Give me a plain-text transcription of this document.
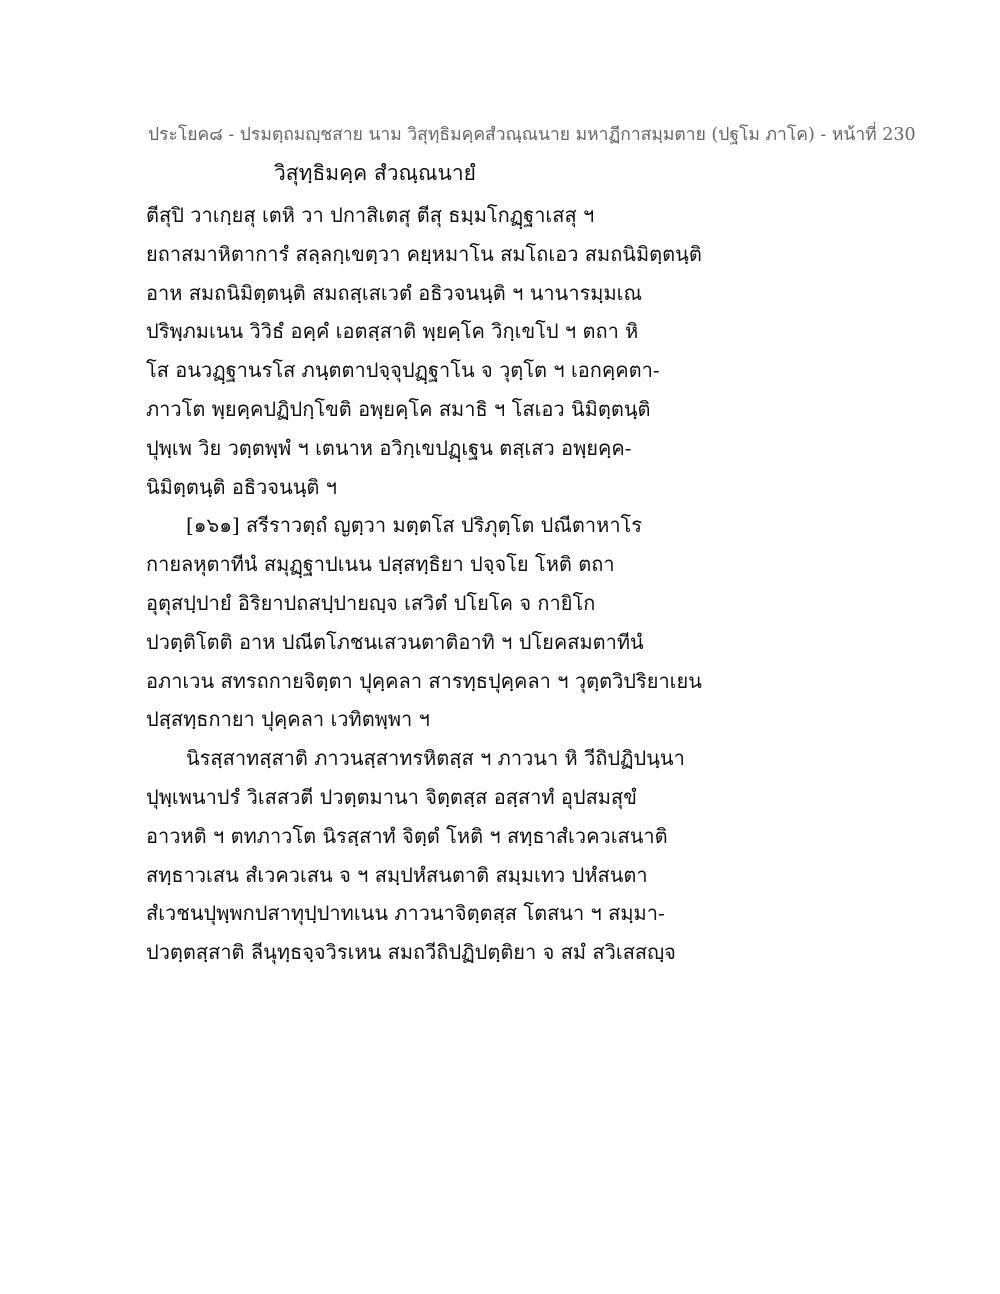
ประโยค๘ - ปรมตฺถมญฺชสาย นาม วิสุทฺธิมคฺคสํวณฺณนาย มหาฏีกาสมฺมตาย (ปฐโม ภาโค) - หน้าที่ 230
วิสุทฺธิมคฺค สํวณฺณนายํ
ตีสุปิ วาเกฺยสุ เตหิ วา ปกาสิเตสุ ตีสุ ธมฺมโกฏฺฐาเสสุ ฯ
ยถาสมาหิตาการํ สลฺลกฺเขตฺวา คยฺหมาโน สมโถเอว สมถนิมิตฺตนฺติ
อาห สมถนิมิตฺตนฺติ สมถสฺเสเวตํ อธิวจนนฺติ ฯ นานารมฺมเณ
ปริพฺภมเนน วิวิธํ อคฺคํ เอตสฺสาติ พฺยคฺโค วิกฺเขโป ฯ ตถา หิ
โส อนวฏฺฐานรโส ภนฺตตาปจฺจุปฏฺฐาโน จ วุตฺโต ฯ เอกคฺคตา-
ภาวโต พฺยคฺคปฏิปกฺโขติ อพฺยคฺโค สมาธิ ฯ โสเอว นิมิตฺตนฺติ
ปุพฺเพ วิย วตฺตพฺพํ ฯ เตนาห อวิกฺเขปฏฺเฐน ตสฺเสว อพฺยคฺค-
นิมิตฺตนฺติ อธิวจนนฺติ ฯ
[๑๖๑] สรีราวตฺถํ ญตฺวา มตฺตโส ปริภุตฺโต ปณีตาหาโร
กายลหุตาทีนํ สมุฏฺฐาปเนน ปสฺสทฺธิยา ปจฺจโย โหติ ตถา
อุตุสปฺปายํ อิริยาปถสปฺปายญฺจ เสวิตํ ปโยโค จ กายิโก
ปวตฺติโตติ อาห ปณีตโภชนเสวนตาติอาทิ ฯ ปโยคสมตาทีนํ
อภาเวน สทรถกายจิตฺตา ปุคฺคลา สารทฺธปุคฺคลา ฯ วุตฺตวิปริยาเยน
ปสฺสทฺธกายา ปุคฺคลา เวทิตพฺพา ฯ
นิรสฺสาทสฺสาติ ภาวนสฺสาทรหิตสฺส ฯ ภาวนา หิ วีถิปฏิปนฺนา
ปุพฺเพนาปรํ วิเสสวตี ปวตฺตมานา จิตฺตสฺส อสฺสาทํ อุปสมสุขํ
อาวหติ ฯ ตทภาวโต นิรสฺสาทํ จิตฺตํ โหติ ฯ สทฺธาสํเวควเสนาติ
สทฺธาวเสน สํเวควเสน จ ฯ สมฺปหํสนตาติ สมฺมเทว ปหํสนตา
สํเวชนปุพฺพกปสาทุปฺปาทเนน ภาวนาจิตฺตสฺส โตสนา ฯ สมฺมา-
ปวตฺตสฺสาติ ลีนุทฺธจฺจวิรเหน สมถวีถิปฏิปตฺติยา จ สมํ สวิเสสญฺจ
